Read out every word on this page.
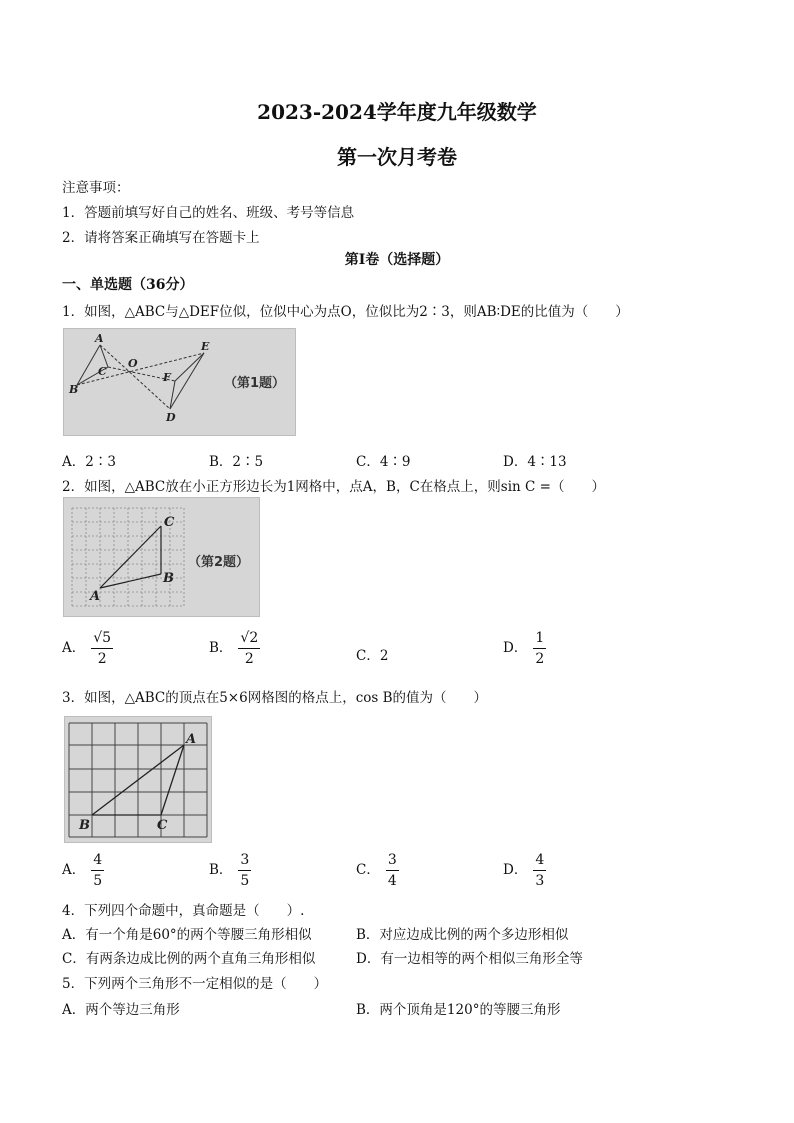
2023-2024学年度九年级数学
第一次月考卷
注意事项：
1．答题前填写好自己的姓名、班级、考号等信息
2．请将答案正确填写在答题卡上
第Ⅰ卷（选择题）
一、单选题（36分）
1．如图，△ABC与△DEF位似，位似中心为点O，位似比为2∶3，则AB∶DE的比值为（　　）
A
B
C
O
D
E
F	（第1题）
A．2∶3	B．2∶5	C．4∶9	D．4∶13
2．如图，△ABC放在小正方形边长为1网格中，点A，B，C在格点上，则sin C =（　　）
C
B
A
（第2题）
A． $\frac{√5}{2}$	B． $\frac{√2}{2}$	C．2	D． $\frac{1}{2}$
3．如图，△ABC的顶点在5×6网格图的格点上，cos B的值为（　　）
A
B	C
A． $\frac{4}{5}$	B． $\frac{3}{5}$	C． $\frac{3}{4}$	D． $\frac{4}{3}$
4．下列四个命题中，真命题是（　　）.
A．有一个角是60°的两个等腰三角形相似	B．对应边成比例的两个多边形相似
C．有两条边成比例的两个直角三角形相似	D．有一边相等的两个相似三角形全等
5．下列两个三角形不一定相似的是（　　）
A．两个等边三角形	B．两个顶角是120°的等腰三角形
